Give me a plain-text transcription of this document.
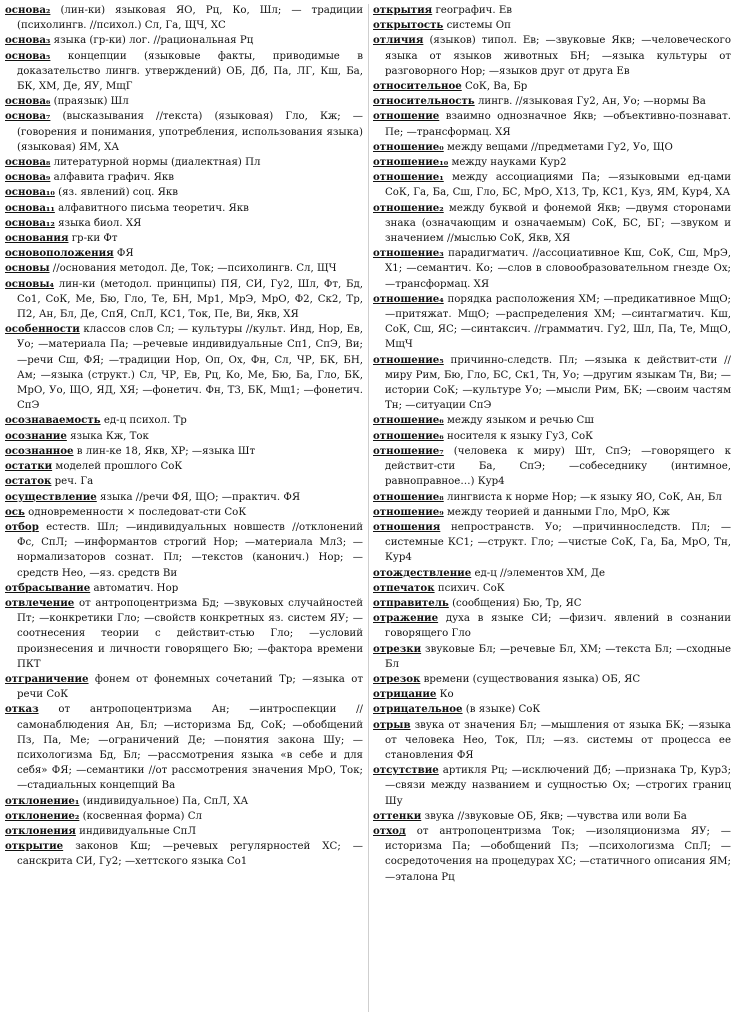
основа₂ (лин-ки) языковая ЯО, Рц, Ко, Шл; — традиции (психолингв. //психол.) Сл, Га, ЩЧ, ХС

основа₃ языка (гр-ки) лог. //рациональная Рц

основа₅ концепции (языковые факты, приводимые в доказательство лингв. утверждений) ОБ, Дб, Па, ЛГ, Кш, Ба, БК, ХМ, Де, ЯУ, МщГ

основа₆ (праязык) Шл

основа₇ (высказывания //текста) (языковая) Гло, Кж; —(говорения и понимания, употребления, использования языка) (языковая) ЯМ, ХА

основа₈ литературной нормы (диалектная) Пл

основа₉ алфавита графич. Якв

основа₁₀ (яз. явлений) соц. Якв

основа₁₁ алфавитного письма теоретич. Якв

основа₁₂ языка биол. ХЯ

основания гр-ки Фт

основоположения ФЯ

основы //основания методол. Де, Ток; —психолингв. Сл, ЩЧ

основы₄ лин-ки (методол. принципы) ПЯ, СИ, Гу2, Шл, Фт, Бд, Со1, СоК, Ме, Бю, Гло, Те, БН, Мр1, МрЭ, МрО, Ф2, Ск2, Тр, П2, Ан, Бл, Де, СпЯ, СпЛ, КС1, Ток, Пе, Ви, Якв, ХЯ

особенности классов слов Сл; — культуры //культ. Инд, Нор, Ев, Уо; —материала Па; —речевые индивидуальные Сп1, СпЭ, Ви; —речи Сш, ФЯ; —традиции Нор, Оп, Ох, Фн, Сл, ЧР, БК, БН, Ам; —языка (структ.) Сл, ЧР, Ев, Рц, Ко, Ме, Бю, Ба, Гло, БК, МрО, Уо, ЩО, ЯД, ХЯ; —фонетич. Фн, Т3, БК, Мщ1; —фонетич. СпЭ

осознаваемость ед-ц психол. Тр

осознание языка Кж, Ток

осознанное в лин-ке 18, Якв, ХР; —языка Шт

остатки моделей прошлого СоК

остаток реч. Га

осуществление языка //речи ФЯ, ЩО; —практич. ФЯ

ось одновременности × последоват-сти СоК

отбор естеств. Шл; —индивидуальных новшеств //отклонений Фс, СпЛ; —информантов строгий Нор; —материала Мл3; —нормализаторов сознат. Пл; —текстов (канонич.) Нор; —средств Нео, —яз. средств Ви

отбрасывание автоматич. Нор

отвлечение от антропоцентризма Бд; —звуковых случайностей Пт; —конкретики Гло; —свойств конкретных яз. систем ЯУ; —соотнесения теории с действит-стью Гло; —условий произнесения и личности говорящего Бю; —фактора времени ПКТ

отграничение фонем от фонемных сочетаний Тр; —языка от речи СоК

отказ от антропоцентризма Ан; —интроспекции //самонаблюдения Ан, Бл; —историзма Бд, СоК; —обобщений Пз, Па, Ме; —ограничений Де; —понятия закона Шу; —психологизма Бд, Бл; —рассмотрения языка «в себе и для себя» ФЯ; —семантики //от рассмотрения значения МрО, Ток; —стадиальных концепций Ва

отклонение₁ (индивидуальное) Па, СпЛ, ХА

отклонение₂ (косвенная форма) Сл

отклонения индивидуальные СпЛ

открытие законов Кш; —речевых регулярностей ХС; —санскрита СИ, Гу2; —хеттского языка Со1

открытия географич. Ев

открытость системы Оп

отличия (языков) типол. Ев; —звуковые Якв; —человеческого языка от языков животных БН; —языка культуры от разговорного Нор; —языков друг от друга Ев

относительное СоК, Ва, Бр

относительность лингв. //языковая Гу2, Ан, Уо; —нормы Ва

отношение взаимно однозначное Якв; —объективно-познават. Пе; —трансформац. ХЯ

отношение₀ между вещами //предметами Гу2, Уо, ЩО

отношение₁₀ между науками Кур2

отношение₁ между ассоциациями Па; —языковыми ед-цами СоК, Га, Ба, Сш, Гло, БС, МрО, Х13, Тр, КС1, Куз, ЯМ, Кур4, ХА

отношение₂ между буквой и фонемой Якв; —двумя сторонами знака (означающим и означаемым) СоК, БС, БГ; —звуком и значением //мыслью СоК, Якв, ХЯ

отношение₃ парадигматич. //ассоциативное Кш, СоК, Сш, МрЭ, Х1; —семантич. Ко; —слов в словообразовательном гнезде Ох; —трансформац. ХЯ

отношение₄ порядка расположения ХМ; —предикативное МщО; —притяжат. МщО; —распределения ХМ; —синтагматич. Кш, СоК, Сш, ЯС; —синтаксич. //грамматич. Гу2, Шл, Па, Те, МщО, МщЧ

отношение₅ причинно-следств. Пл; —языка к действит-сти //миру Рим, Бю, Гло, БС, Ск1, Тн, Уо; —другим языкам Тн, Ви; —истории СоК; —культуре Уо; —мысли Рим, БК; —своим частям Тн; —ситуации СпЭ

отношение₆ между языком и речью Сш

отношение₆ носителя к языку Гу3, СоК

отношение₇ (человека к миру) Шт, СпЭ; —говорящего к действит-сти Ба, СпЭ; —собеседнику (интимное, равноправное…) Кур4

отношение₈ лингвиста к норме Нор; —к языку ЯО, СоК, Ан, Бл

отношение₉ между теорией и данными Гло, МрО, Кж

отношения непространств. Уо; —причинноследств. Пл; —системные КС1; —структ. Гло; —чистые СоК, Га, Ба, МрО, Тн, Кур4

отождествление ед-ц //элементов ХМ, Де

отпечаток психич. СоК

отправитель (сообщения) Бю, Тр, ЯС

отражение духа в языке СИ; —физич. явлений в сознании говорящего Гло

отрезки звуковые Бл; —речевые Бл, ХМ; —текста Бл; —сходные Бл

отрезок времени (существования языка) ОБ, ЯС

отрицание Ко

отрицательное (в языке) СоК

отрыв звука от значения Бл; —мышления от языка БК; —языка от человека Нео, Ток, Пл; —яз. системы от процесса ее становления ФЯ

отсутствие артикля Рц; —исключений Дб; —признака Тр, Кур3; —связи между названием и сущностью Ох; —строгих границ Шу

оттенки звука //звуковые ОБ, Якв; —чувства или воли Ба

отход от антропоцентризма Ток; —изоляционизма ЯУ; —историзма Па; —обобщений Пз; —психологизма СпЛ; —сосредоточения на процедурах ХС; —статичного описания ЯМ; —эталона Рц
